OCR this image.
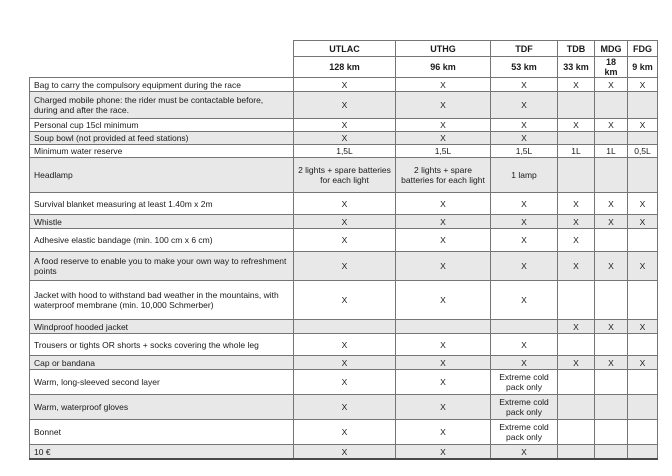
	UTLAC	UTHG	TDF	TDB	MDG	FDG
	128 km	96 km	53 km	33 km	18 km	9 km
Bag to carry the compulsory equipment during the race	X	X	X	X	X	X
Charged mobile phone: the rider must be contactable before, during and after the race.	X	X	X			
Personal cup 15cl minimum	X	X	X	X	X	X
Soup bowl (not provided at feed stations)	X	X	X			
Minimum water reserve	1,5L	1,5L	1,5L	1L	1L	0,5L
Headlamp	2 lights + spare batteries for each light	2 lights + spare batteries for each light	1 lamp			
Survival blanket measuring at least 1.40m x 2m	X	X	X	X	X	X
Whistle	X	X	X	X	X	X
Adhesive elastic bandage (min. 100 cm x 6 cm)	X	X	X	X		
A food reserve to enable you to make your own way to refreshment points	X	X	X	X	X	X
Jacket with hood to withstand bad weather in the mountains, with waterproof membrane (min. 10,000 Schmerber)	X	X	X			
Windproof hooded jacket				X	X	X
Trousers or tights OR shorts + socks covering the whole leg	X	X	X			
Cap or bandana	X	X	X	X	X	X
Warm, long-sleeved second layer	X	X	Extreme cold pack only			
Warm, waterproof gloves	X	X	Extreme cold pack only			
Bonnet	X	X	Extreme cold pack only			
10 €	X	X	X			
